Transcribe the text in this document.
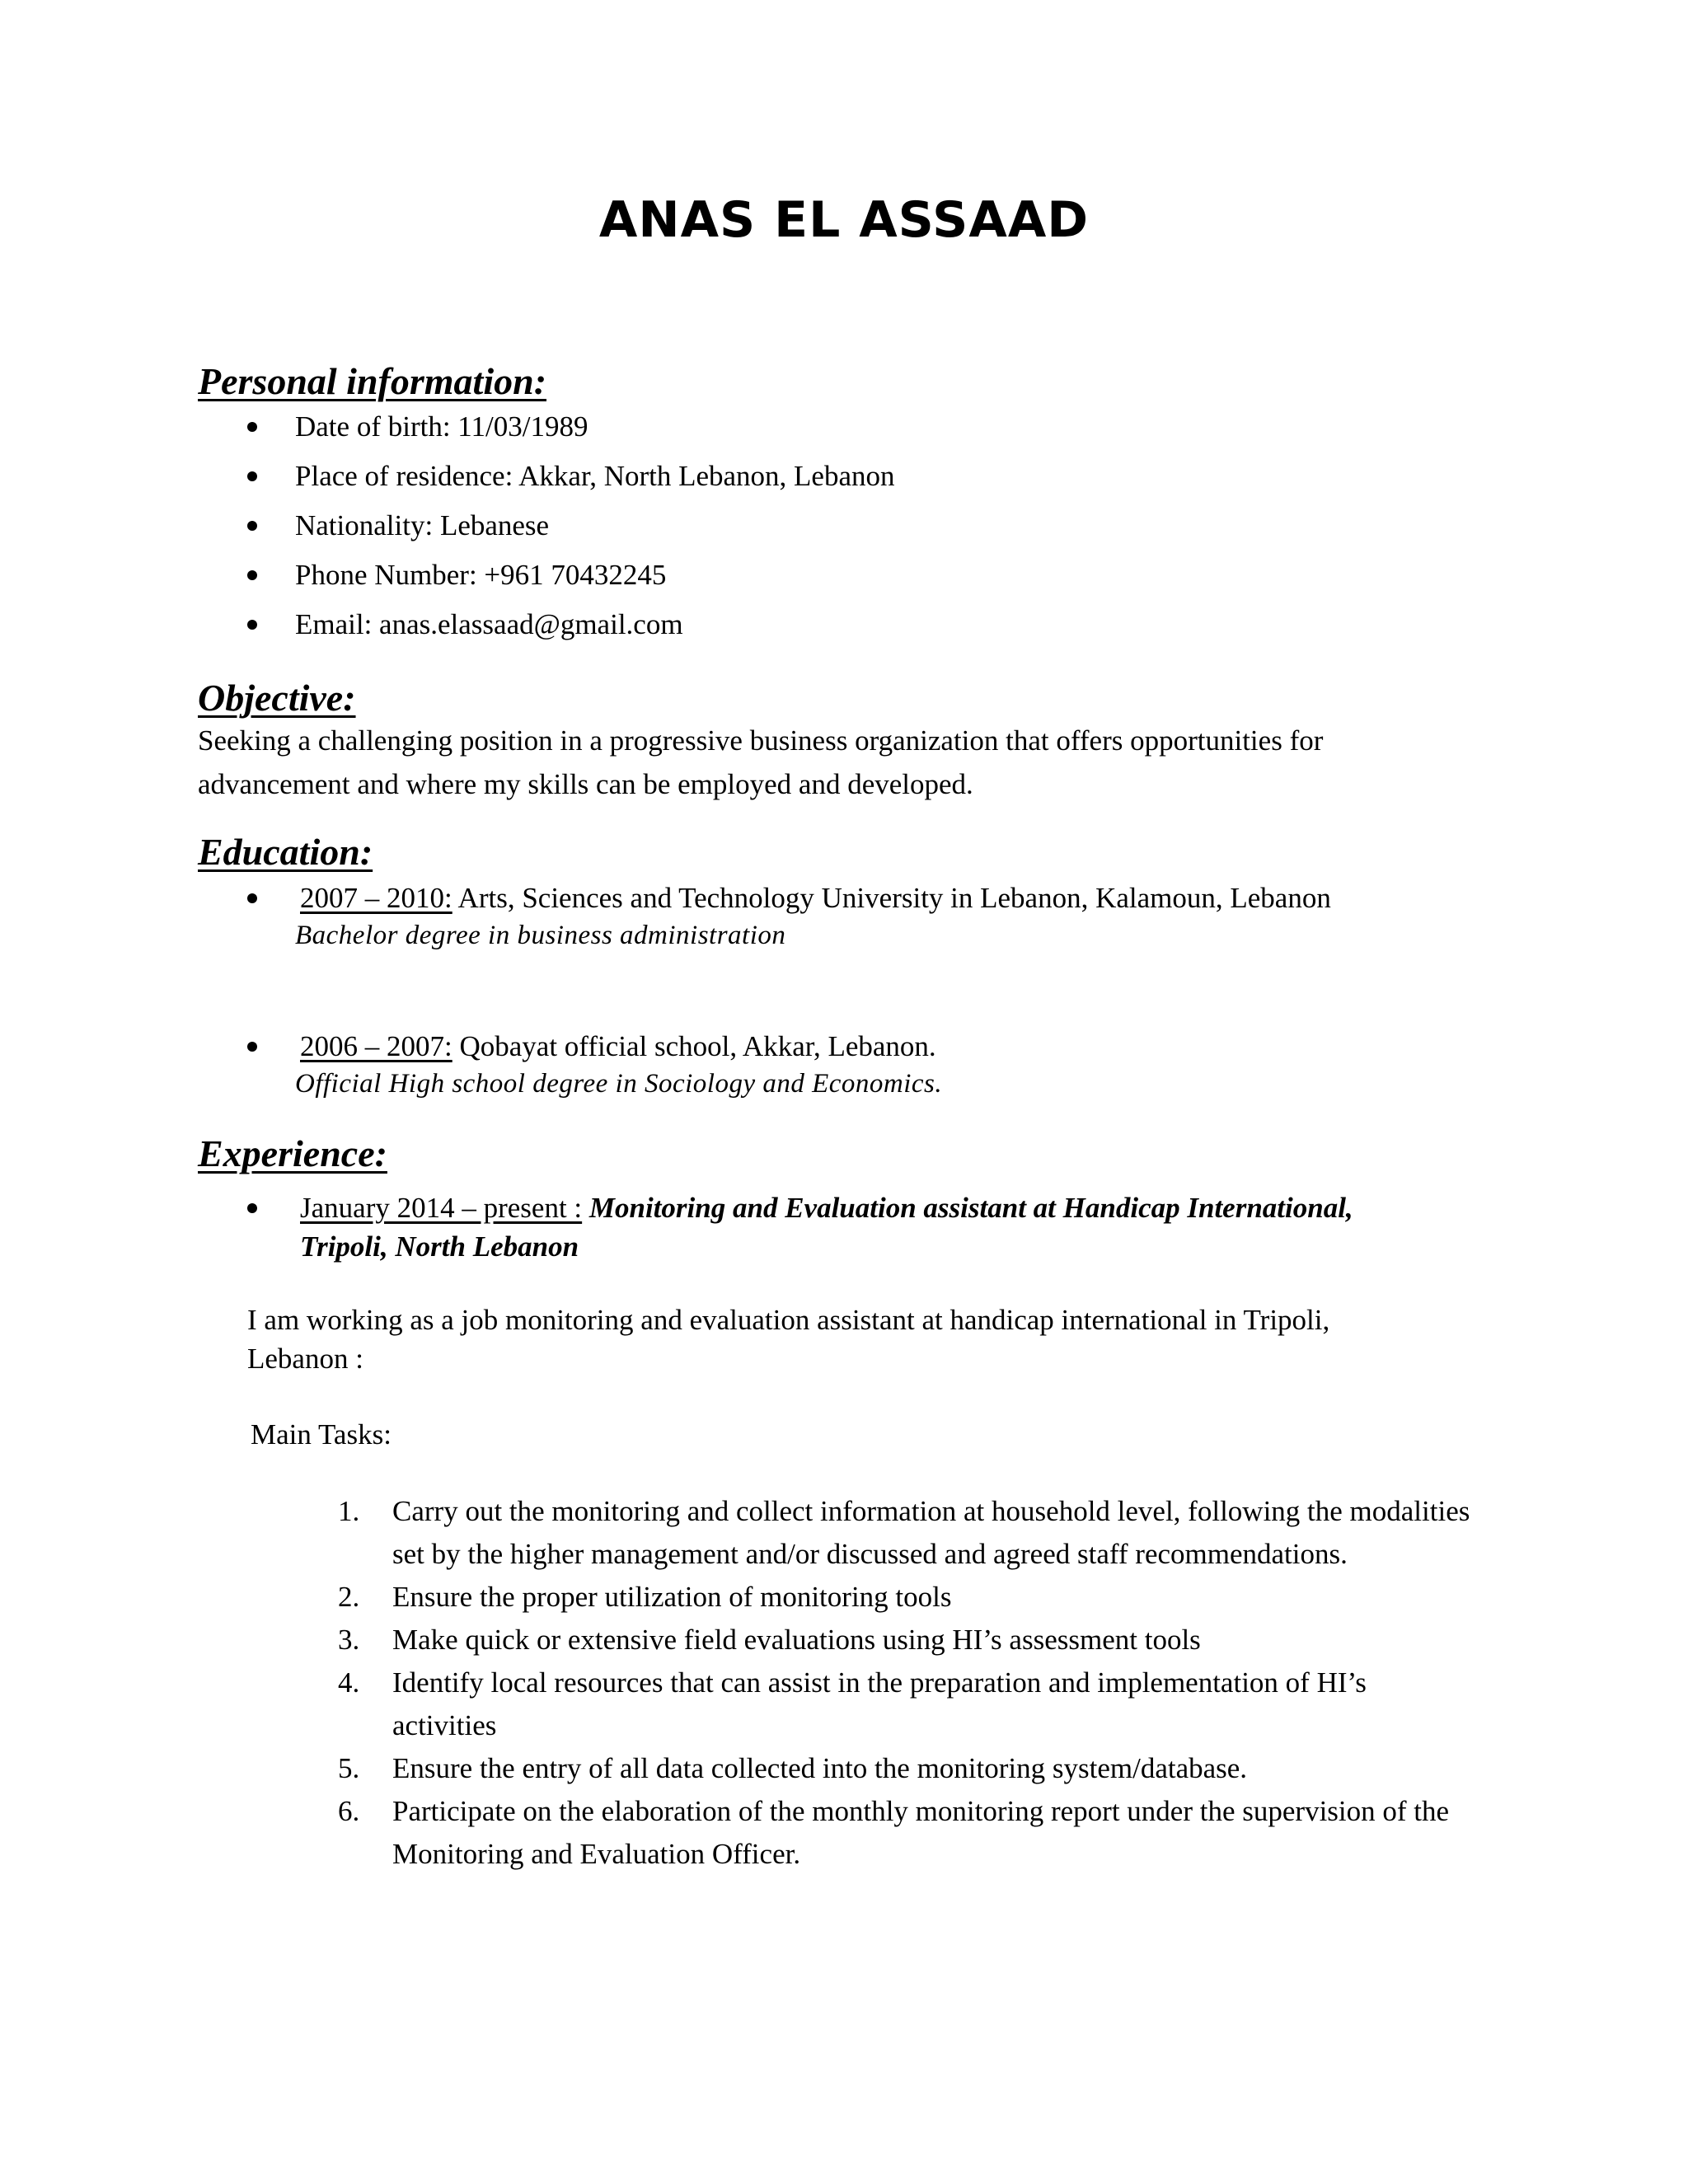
ANAS EL ASSAAD
Personal information:
Date of birth: 11/03/1989
Place of residence: Akkar, North Lebanon, Lebanon
Nationality: Lebanese
Phone Number: +961 70432245
Email: anas.elassaad@gmail.com
Objective:

Seeking a challenging position in a progressive business organization that offers opportunities for advancement and where my skills can be employed and developed.

Education:
2007 – 2010: Arts, Sciences and Technology University in Lebanon, Kalamoun, Lebanon
Bachelor degree in business administration
2006 – 2007: Qobayat official school, Akkar, Lebanon.
Official High school degree in Sociology and Economics.
Experience:
January 2014 – present : Monitoring and Evaluation assistant at Handicap International, Tripoli, North Lebanon

I am working as a job monitoring and evaluation assistant at handicap international in Tripoli, Lebanon :

Main Tasks:

1. Carry out the monitoring and collect information at household level, following the modalities set by the higher management and/or discussed and agreed staff recommendations.
2. Ensure the proper utilization of monitoring tools
3. Make quick or extensive field evaluations using HI’s assessment tools
4. Identify local resources that can assist in the preparation and implementation of HI’s activities
5. Ensure the entry of all data collected into the monitoring system/database.
6. Participate on the elaboration of the monthly monitoring report under the supervision of the Monitoring and Evaluation Officer.
